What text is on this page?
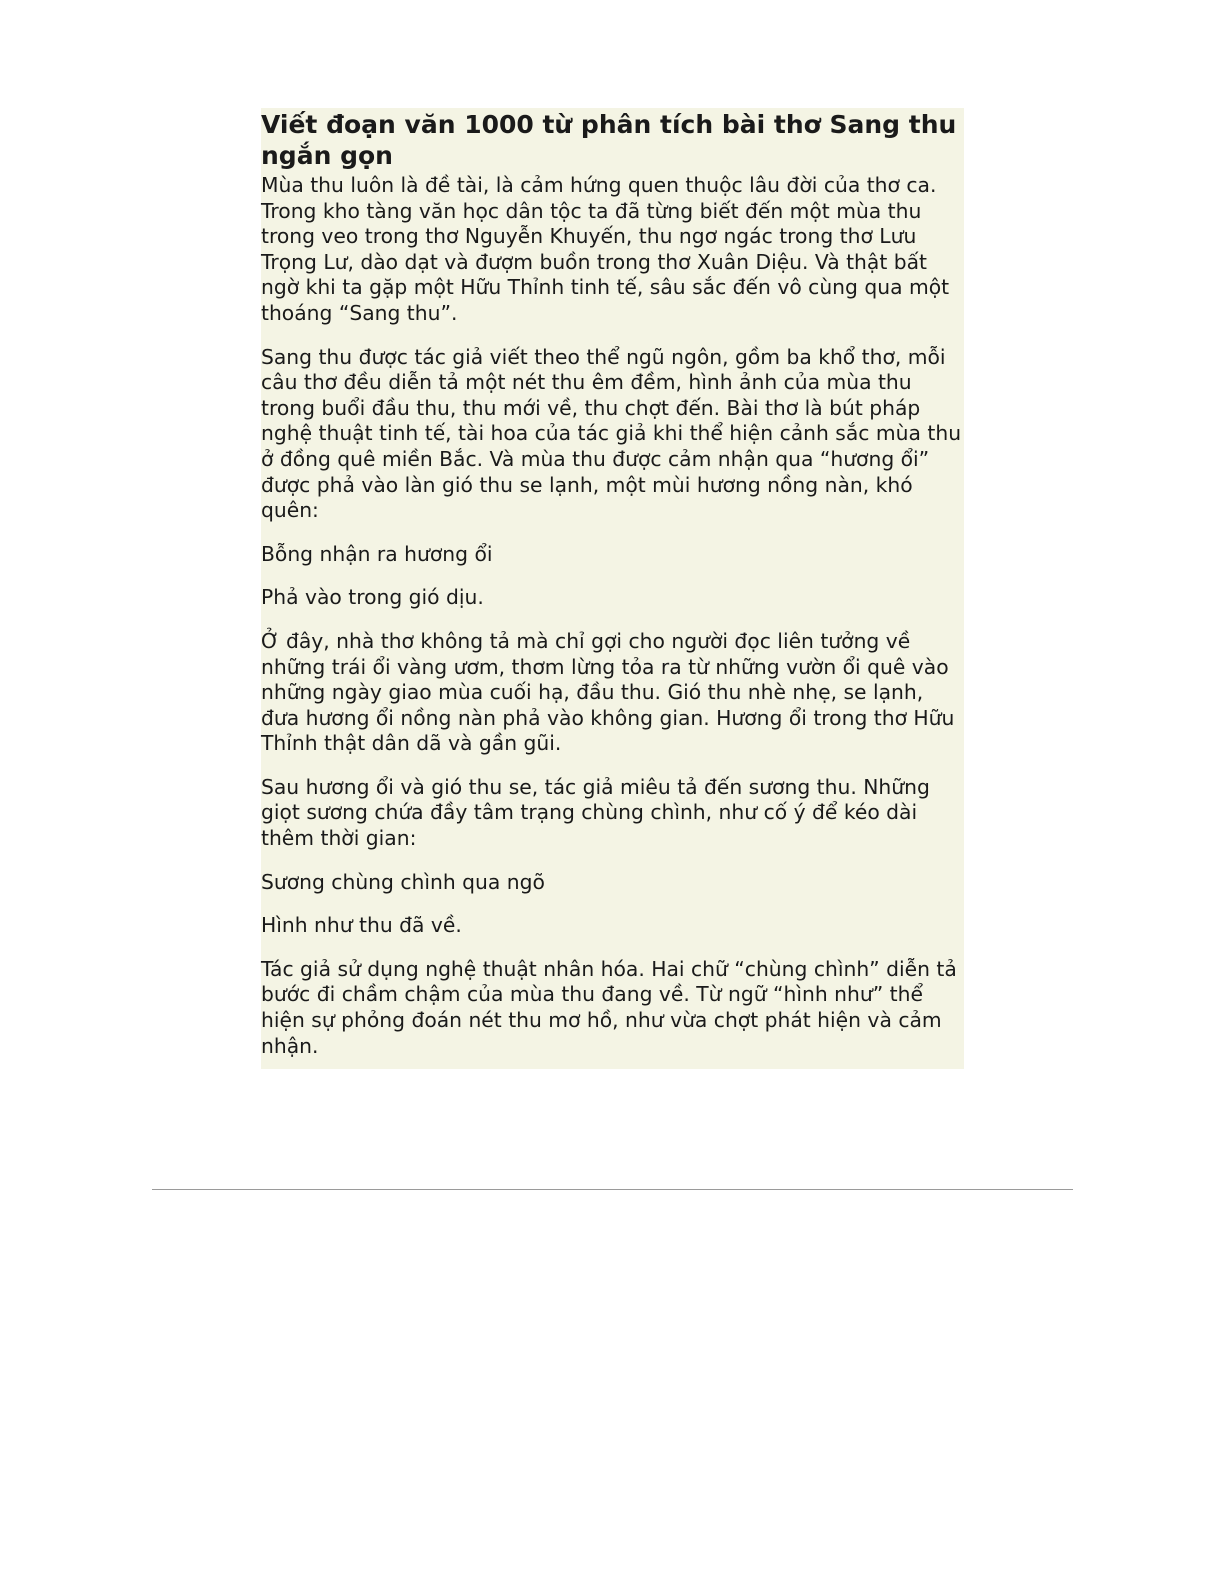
Viết đoạn văn 1000 từ phân tích bài thơ Sang thu ngắn gọn

Mùa thu luôn là đề tài, là cảm hứng quen thuộc lâu đời của thơ ca. Trong kho tàng văn học dân tộc ta đã từng biết đến một mùa thu trong veo trong thơ Nguyễn Khuyến, thu ngơ ngác trong thơ Lưu Trọng Lư, dào dạt và đượm buồn trong thơ Xuân Diệu. Và thật bất ngờ khi ta gặp một Hữu Thỉnh tinh tế, sâu sắc đến vô cùng qua một thoáng “Sang thu”.

Sang thu được tác giả viết theo thể ngũ ngôn, gồm ba khổ thơ, mỗi câu thơ đều diễn tả một nét thu êm đềm, hình ảnh của mùa thu trong buổi đầu thu, thu mới về, thu chợt đến. Bài thơ là bút pháp nghệ thuật tinh tế, tài hoa của tác giả khi thể hiện cảnh sắc mùa thu ở đồng quê miền Bắc. Và mùa thu được cảm nhận qua “hương ổi” được phả vào làn gió thu se lạnh, một mùi hương nồng nàn, khó quên:

Bỗng nhận ra hương ổi

Phả vào trong gió dịu.

Ở đây, nhà thơ không tả mà chỉ gợi cho người đọc liên tưởng về những trái ổi vàng ươm, thơm lừng tỏa ra từ những vườn ổi quê vào những ngày giao mùa cuối hạ, đầu thu. Gió thu nhè nhẹ, se lạnh, đưa hương ổi nồng nàn phả vào không gian. Hương ổi trong thơ Hữu Thỉnh thật dân dã và gần gũi.

Sau hương ổi và gió thu se, tác giả miêu tả đến sương thu. Những giọt sương chứa đầy tâm trạng chùng chình, như cố ý để kéo dài thêm thời gian:

Sương chùng chình qua ngõ

Hình như thu đã về.

Tác giả sử dụng nghệ thuật nhân hóa. Hai chữ “chùng chình” diễn tả bước đi chầm chậm của mùa thu đang về. Từ ngữ “hình như” thể hiện sự phỏng đoán nét thu mơ hồ, như vừa chợt phát hiện và cảm nhận.
